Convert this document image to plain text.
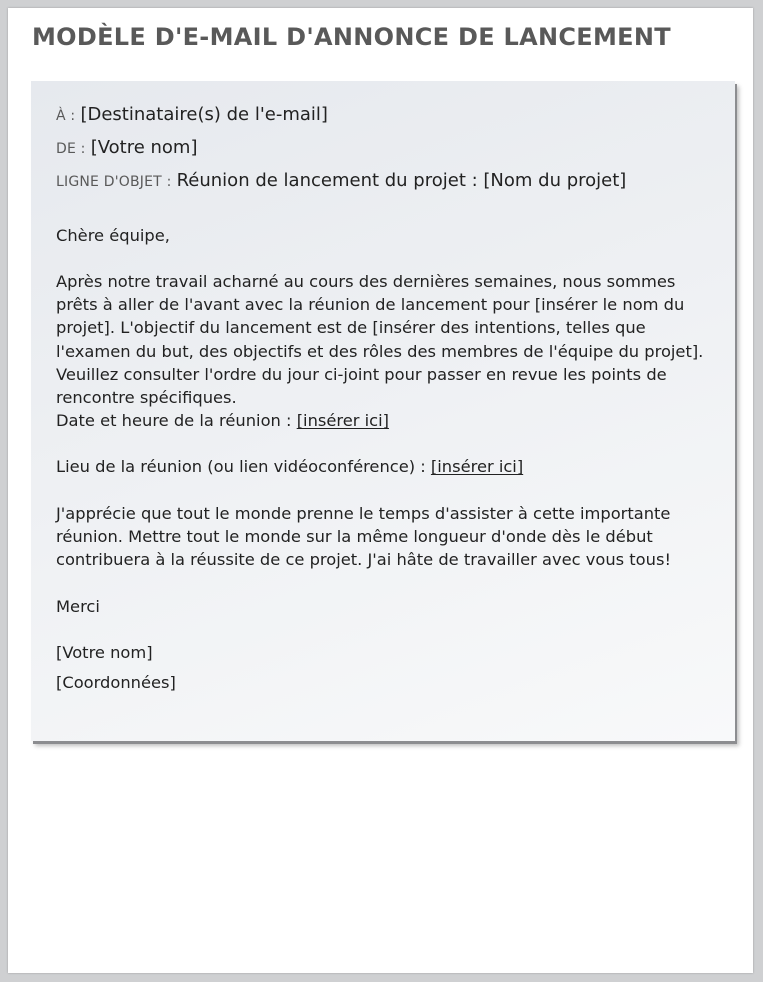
MODÈLE D'E-MAIL D'ANNONCE DE LANCEMENT
À : [Destinataire(s) de l'e-mail]
DE : [Votre nom]
LIGNE D'OBJET : Réunion de lancement du projet : [Nom du projet]

Chère équipe,

Après notre travail acharné au cours des dernières semaines, nous sommes prêts à aller de l'avant avec la réunion de lancement pour [insérer le nom du projet]. L'objectif du lancement est de [insérer des intentions, telles que l'examen du but, des objectifs et des rôles des membres de l'équipe du projet]. Veuillez consulter l'ordre du jour ci-joint pour passer en revue les points de rencontre spécifiques.

Date et heure de la réunion : [insérer ici]

Lieu de la réunion (ou lien vidéoconférence) : [insérer ici]

J'apprécie que tout le monde prenne le temps d'assister à cette importante réunion. Mettre tout le monde sur la même longueur d'onde dès le début contribuera à la réussite de ce projet. J'ai hâte de travailler avec vous tous!

Merci

[Votre nom]

[Coordonnées]
